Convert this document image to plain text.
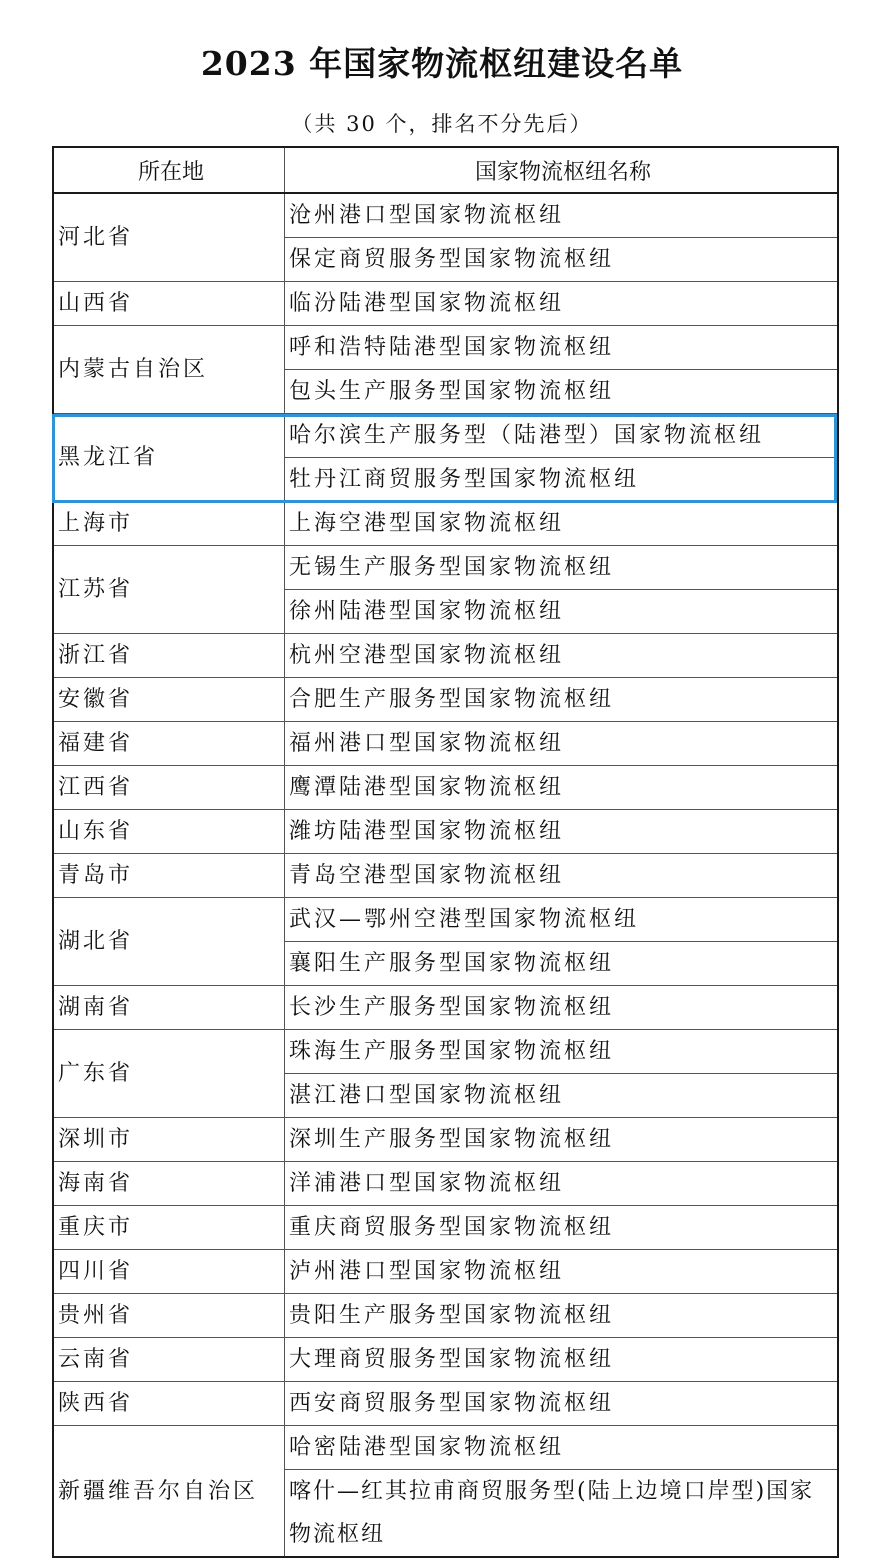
2023 年国家物流枢纽建设名单
（共 30 个，排名不分先后）
所在地	国家物流枢纽名称
河北省	沧州港口型国家物流枢纽
	保定商贸服务型国家物流枢纽
山西省	临汾陆港型国家物流枢纽
内蒙古自治区	呼和浩特陆港型国家物流枢纽
	包头生产服务型国家物流枢纽
黑龙江省	哈尔滨生产服务型（陆港型）国家物流枢纽
	牡丹江商贸服务型国家物流枢纽
上海市	上海空港型国家物流枢纽
江苏省	无锡生产服务型国家物流枢纽
	徐州陆港型国家物流枢纽
浙江省	杭州空港型国家物流枢纽
安徽省	合肥生产服务型国家物流枢纽
福建省	福州港口型国家物流枢纽
江西省	鹰潭陆港型国家物流枢纽
山东省	潍坊陆港型国家物流枢纽
青岛市	青岛空港型国家物流枢纽
湖北省	武汉—鄂州空港型国家物流枢纽
	襄阳生产服务型国家物流枢纽
湖南省	长沙生产服务型国家物流枢纽
广东省	珠海生产服务型国家物流枢纽
	湛江港口型国家物流枢纽
深圳市	深圳生产服务型国家物流枢纽
海南省	洋浦港口型国家物流枢纽
重庆市	重庆商贸服务型国家物流枢纽
四川省	泸州港口型国家物流枢纽
贵州省	贵阳生产服务型国家物流枢纽
云南省	大理商贸服务型国家物流枢纽
陕西省	西安商贸服务型国家物流枢纽
新疆维吾尔自治区	哈密陆港型国家物流枢纽
	喀什—红其拉甫商贸服务型(陆上边境口岸型)国家物流枢纽
